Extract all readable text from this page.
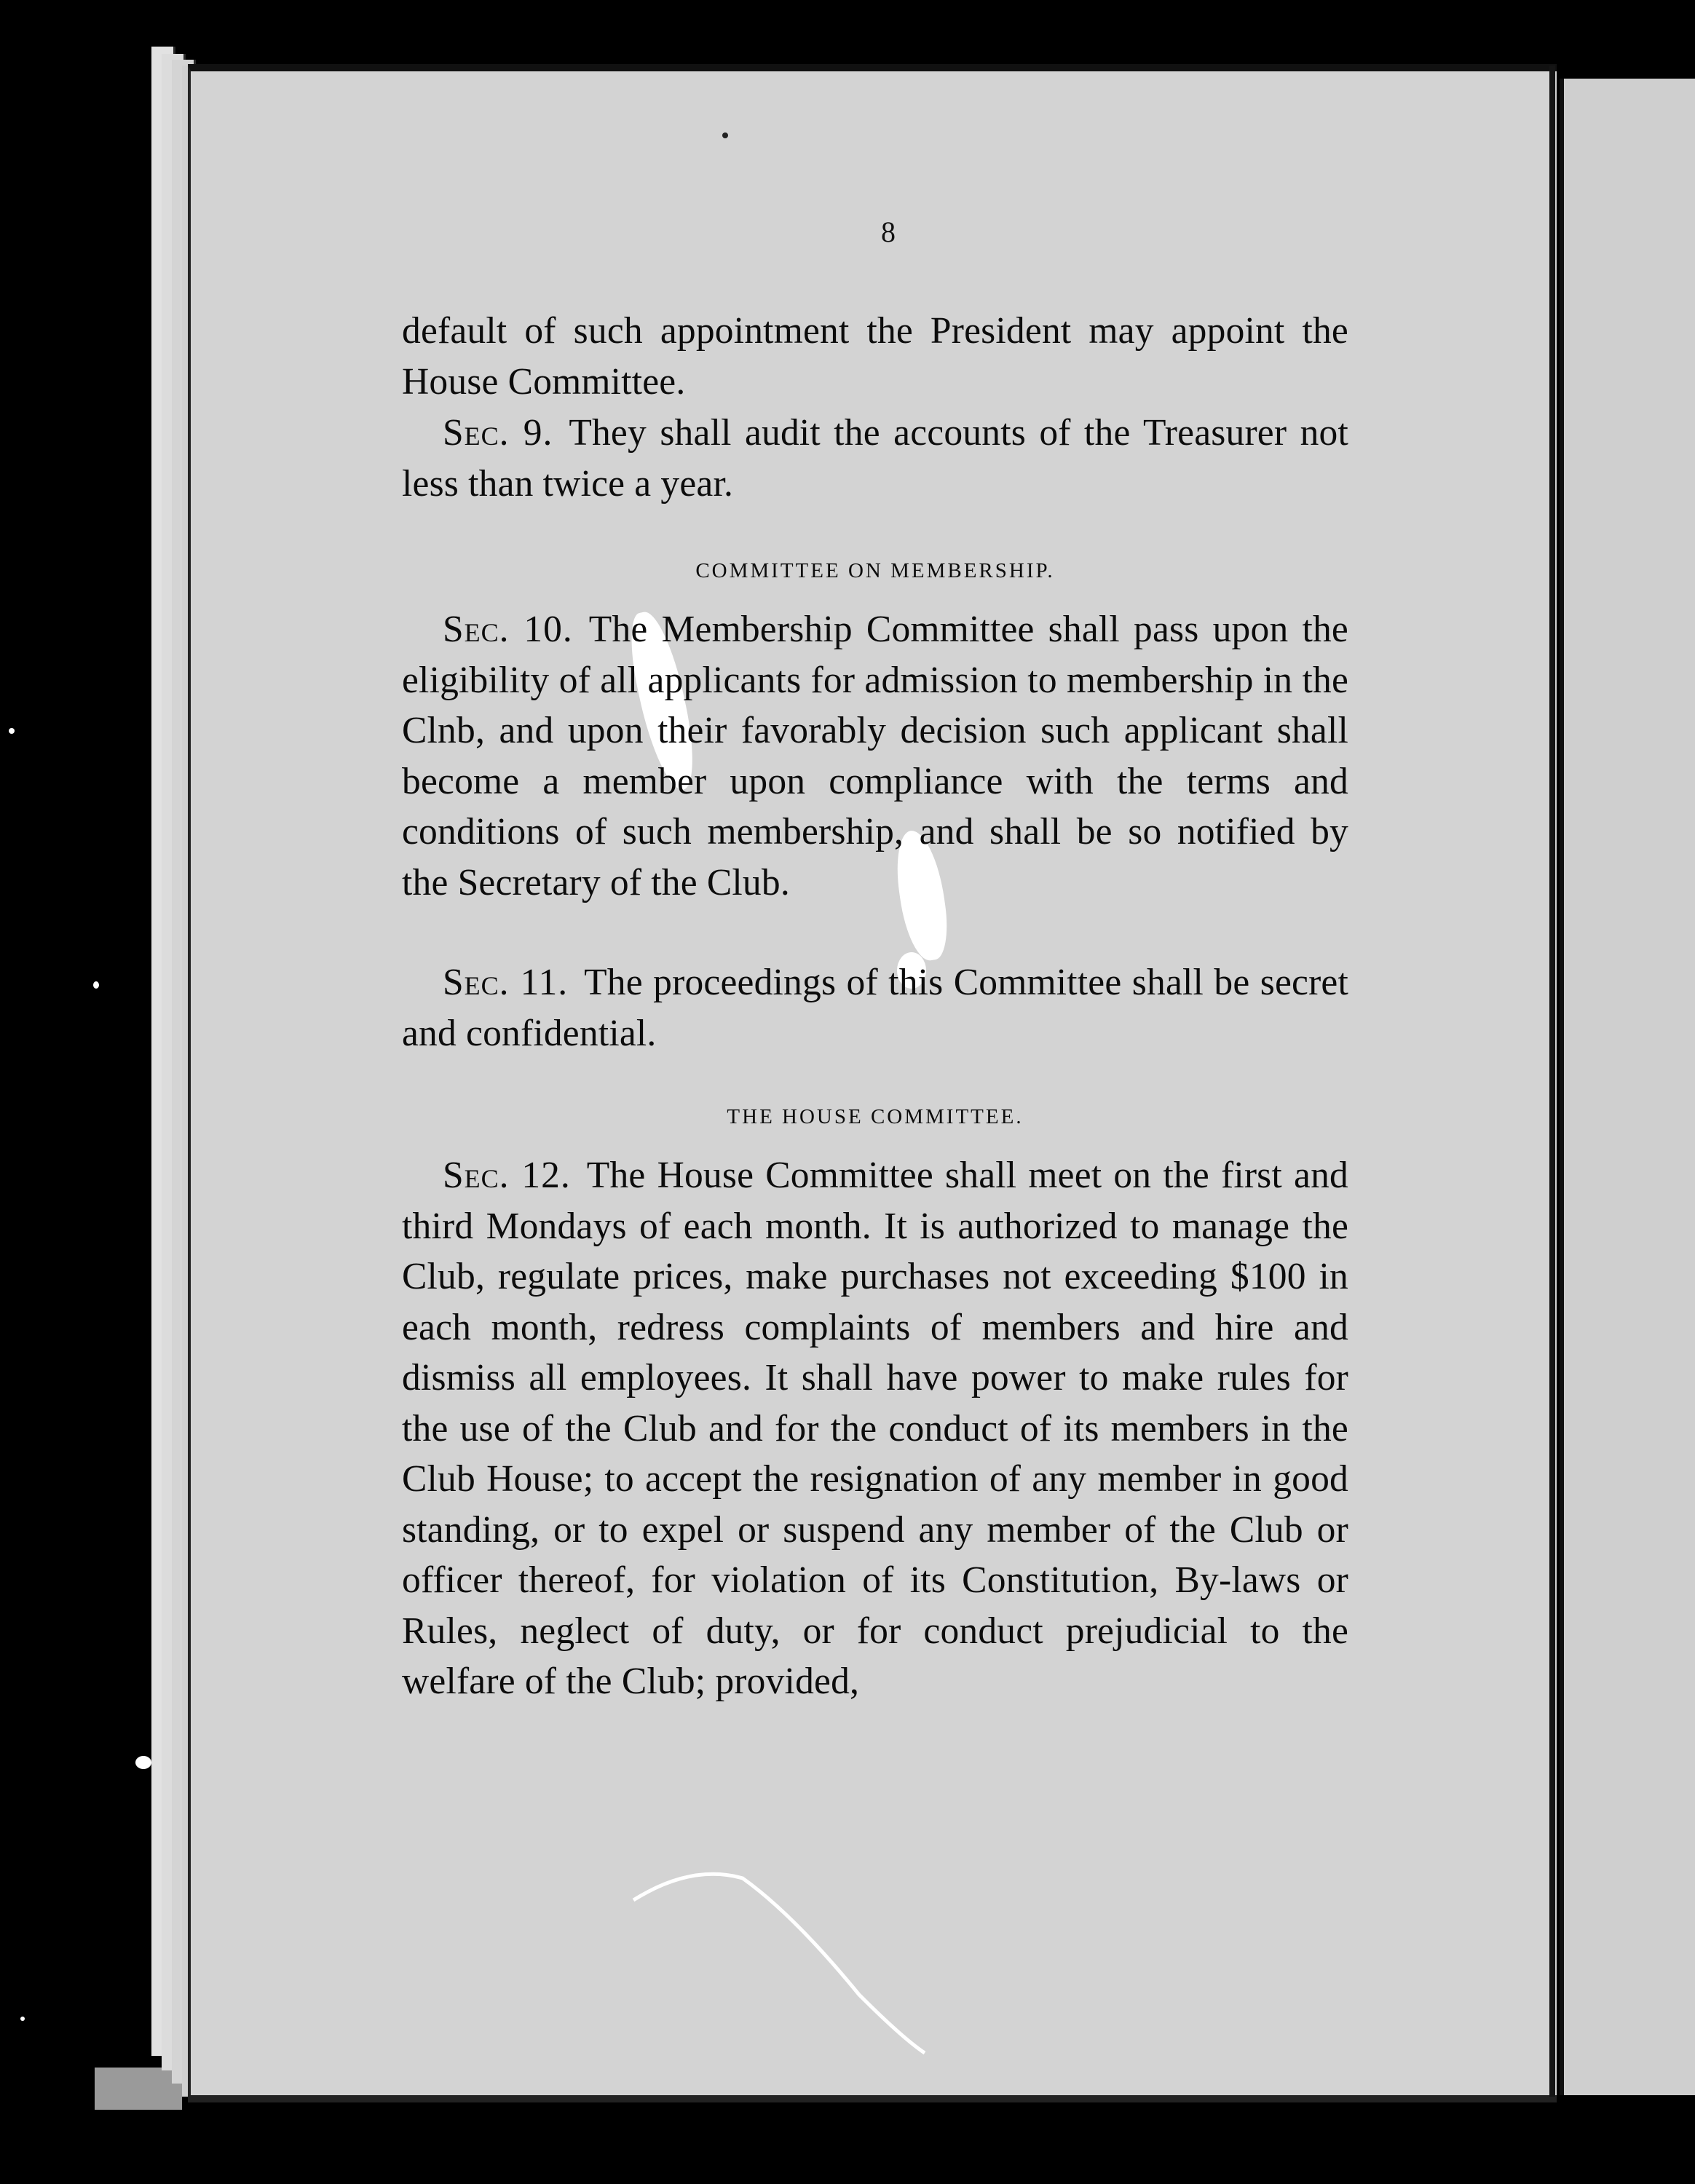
8

default of such appointment the President may appoint the House Committee.

Sec. 9. They shall audit the accounts of the Treasurer not less than twice a year.

COMMITTEE ON MEMBERSHIP.

Sec. 10. The Membership Committee shall pass upon the eligibility of all applicants for admission to membership in the Clnb, and upon their favorably decision such applicant shall become a member upon compliance with the terms and conditions of such membership, and shall be so notified by the Secretary of the Club.

Sec. 11. The proceedings of this Committee shall be secret and confidential.

THE HOUSE COMMITTEE.

Sec. 12. The House Committee shall meet on the first and third Mondays of each month. It is authorized to manage the Club, regulate prices, make purchases not exceeding $100 in each month, redress complaints of members and hire and dismiss all employees. It shall have power to make rules for the use of the Club and for the conduct of its members in the Club House; to accept the resignation of any member in good standing, or to expel or suspend any member of the Club or officer thereof, for violation of its Constitution, By-laws or Rules, neglect of duty, or for conduct prejudicial to the welfare of the Club; provided,
